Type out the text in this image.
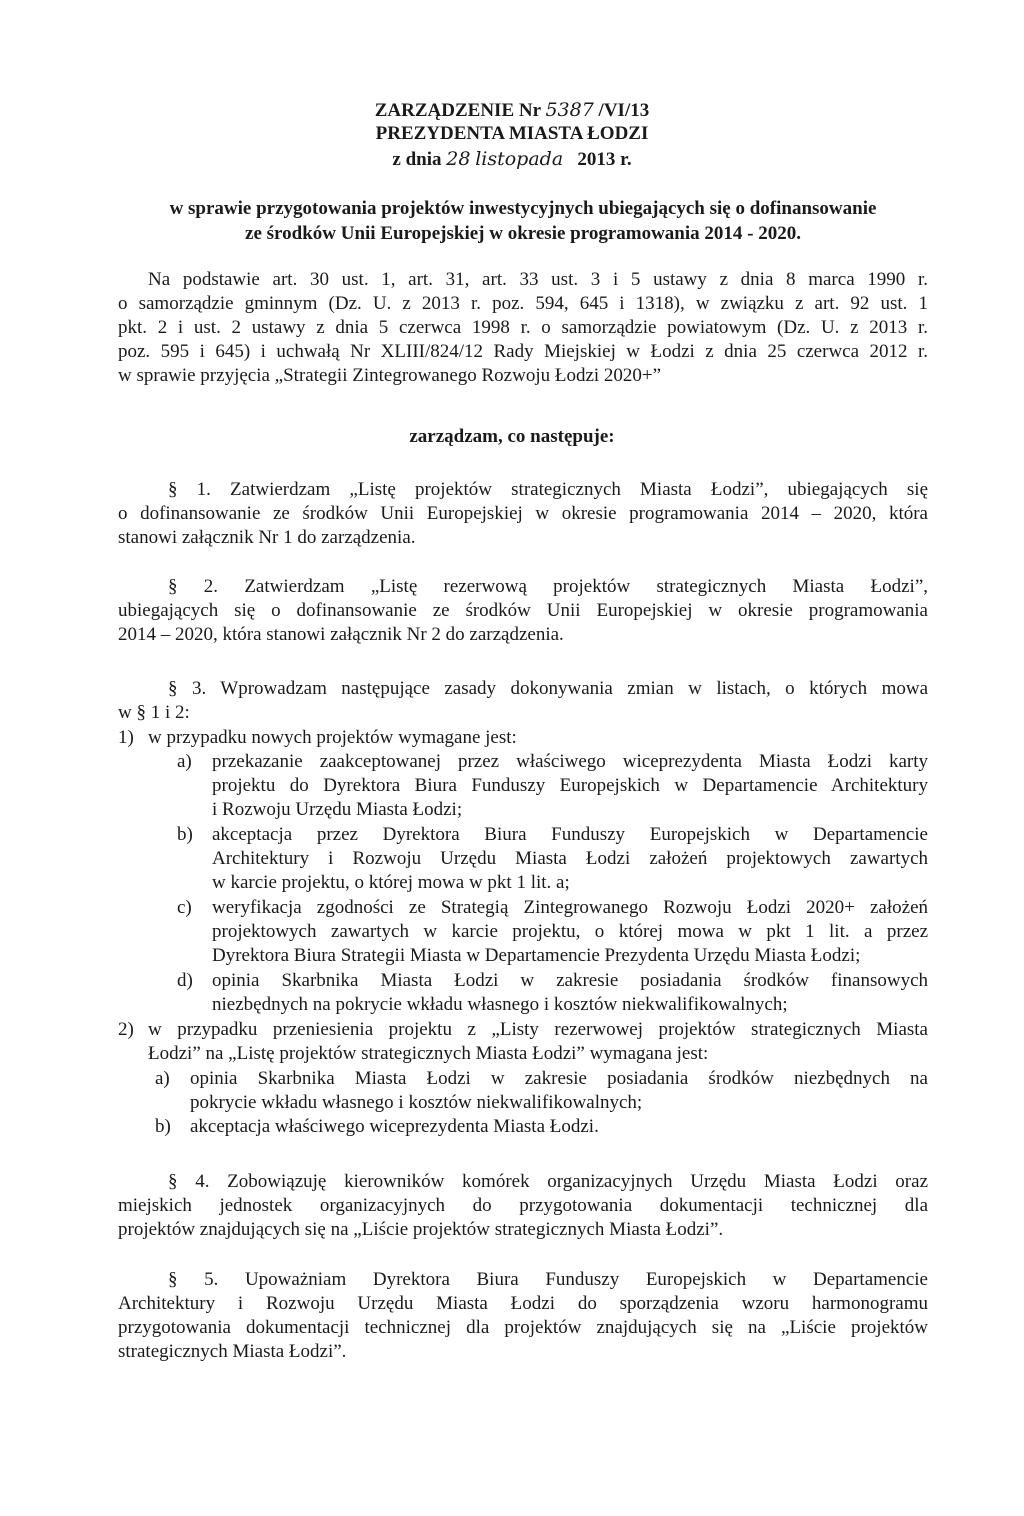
ZARZĄDZENIE Nr 5387 /VI/13
PREZYDENTA MIASTA ŁODZI
z dnia 28 listopada 2013 r.
w sprawie przygotowania projektów inwestycyjnych ubiegających się o dofinansowanie
ze środków Unii Europejskiej w okresie programowania 2014 - 2020.
Na podstawie art. 30 ust. 1, art. 31, art. 33 ust. 3 i 5 ustawy z dnia 8 marca 1990 r.
o samorządzie gminnym (Dz. U. z 2013 r. poz. 594, 645 i 1318), w związku z art. 92 ust. 1
pkt. 2 i ust. 2 ustawy z dnia 5 czerwca 1998 r. o samorządzie powiatowym (Dz. U. z 2013 r.
poz. 595 i 645) i uchwałą Nr XLIII/824/12 Rady Miejskiej w Łodzi z dnia 25 czerwca 2012 r.
w sprawie przyjęcia „Strategii Zintegrowanego Rozwoju Łodzi 2020+”
zarządzam, co następuje:
§ 1. Zatwierdzam „Listę projektów strategicznych Miasta Łodzi”, ubiegających się
o dofinansowanie ze środków Unii Europejskiej w okresie programowania 2014 – 2020, która
stanowi załącznik Nr 1 do zarządzenia.
§ 2. Zatwierdzam „Listę rezerwową projektów strategicznych Miasta Łodzi”,
ubiegających się o dofinansowanie ze środków Unii Europejskiej w okresie programowania
2014 – 2020, która stanowi załącznik Nr 2 do zarządzenia.
§ 3. Wprowadzam następujące zasady dokonywania zmian w listach, o których mowa
w § 1 i 2:
1) w przypadku nowych projektów wymagane jest:
a) przekazanie zaakceptowanej przez właściwego wiceprezydenta Miasta Łodzi karty
projektu do Dyrektora Biura Funduszy Europejskich w Departamencie Architektury
i Rozwoju Urzędu Miasta Łodzi;
b) akceptacja przez Dyrektora Biura Funduszy Europejskich w Departamencie
Architektury i Rozwoju Urzędu Miasta Łodzi założeń projektowych zawartych
w karcie projektu, o której mowa w pkt 1 lit. a;
c) weryfikacja zgodności ze Strategią Zintegrowanego Rozwoju Łodzi 2020+ założeń
projektowych zawartych w karcie projektu, o której mowa w pkt 1 lit. a przez
Dyrektora Biura Strategii Miasta w Departamencie Prezydenta Urzędu Miasta Łodzi;
d) opinia Skarbnika Miasta Łodzi w zakresie posiadania środków finansowych
niezbędnych na pokrycie wkładu własnego i kosztów niekwalifikowalnych;
2) w przypadku przeniesienia projektu z „Listy rezerwowej projektów strategicznych Miasta
Łodzi” na „Listę projektów strategicznych Miasta Łodzi” wymagana jest:
a) opinia Skarbnika Miasta Łodzi w zakresie posiadania środków niezbędnych na
pokrycie wkładu własnego i kosztów niekwalifikowalnych;
b) akceptacja właściwego wiceprezydenta Miasta Łodzi.
§ 4. Zobowiązuję kierowników komórek organizacyjnych Urzędu Miasta Łodzi oraz
miejskich jednostek organizacyjnych do przygotowania dokumentacji technicznej dla
projektów znajdujących się na „Liście projektów strategicznych Miasta Łodzi”.
§ 5. Upoważniam Dyrektora Biura Funduszy Europejskich w Departamencie
Architektury i Rozwoju Urzędu Miasta Łodzi do sporządzenia wzoru harmonogramu
przygotowania dokumentacji technicznej dla projektów znajdujących się na „Liście projektów
strategicznych Miasta Łodzi”.
